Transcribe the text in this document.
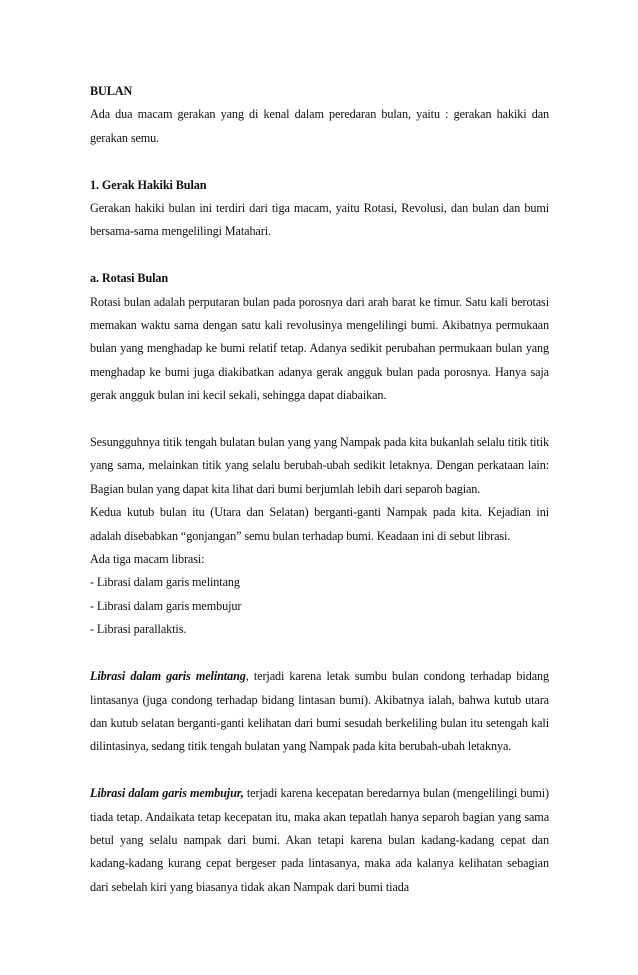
BULAN

Ada dua macam gerakan yang di kenal dalam peredaran bulan, yaitu : gerakan hakiki dan gerakan semu.

1. Gerak Hakiki Bulan

Gerakan hakiki bulan ini terdiri dari tiga macam, yaitu Rotasi, Revolusi, dan bulan dan bumi bersama-sama mengelilingi Matahari.

a. Rotasi Bulan

Rotasi bulan adalah perputaran bulan pada porosnya dari arah barat ke timur. Satu kali berotasi memakan waktu sama dengan satu kali revolusinya mengelilingi bumi. Akibatnya permukaan bulan yang menghadap ke bumi relatif tetap. Adanya sedikit perubahan permukaan bulan yang menghadap ke bumi juga diakibatkan adanya gerak angguk bulan pada porosnya. Hanya saja gerak angguk bulan ini kecil sekali, sehingga dapat diabaikan.

Sesungguhnya titik tengah bulatan bulan yang yang Nampak pada kita bukanlah selalu titik titik yang sama, melainkan titik yang selalu berubah-ubah sedikit letaknya. Dengan perkataan lain: Bagian bulan yang dapat kita lihat dari bumi berjumlah lebih dari separoh bagian.

Kedua kutub bulan itu (Utara dan Selatan) berganti-ganti Nampak pada kita. Kejadian ini adalah disebabkan “gonjangan” semu bulan terhadap bumi. Keadaan ini di sebut librasi.

Ada tiga macam librasi:

- Librasi dalam garis melintang

- Librasi dalam garis membujur

- Librasi parallaktis.

Librasi dalam garis melintang, terjadi karena letak sumbu bulan condong terhadap bidang lintasanya (juga condong terhadap bidang lintasan bumi). Akibatnya ialah, bahwa kutub utara dan kutub selatan berganti-ganti kelihatan dari bumi sesudah berkeliling bulan itu setengah kali dilintasinya, sedang titik tengah bulatan yang Nampak pada kita berubah-ubah letaknya.

Librasi dalam garis membujur, terjadi karena kecepatan beredarnya bulan (mengelilingi bumi) tiada tetap. Andaikata tetap kecepatan itu, maka akan tepatlah hanya separoh bagian yang sama betul yang selalu nampak dari bumi. Akan tetapi karena bulan kadang-kadang cepat dan kadang-kadang kurang cepat bergeser pada lintasanya, maka ada kalanya kelihatan sebagian dari sebelah kiri yang biasanya tidak akan Nampak dari bumi tiada
